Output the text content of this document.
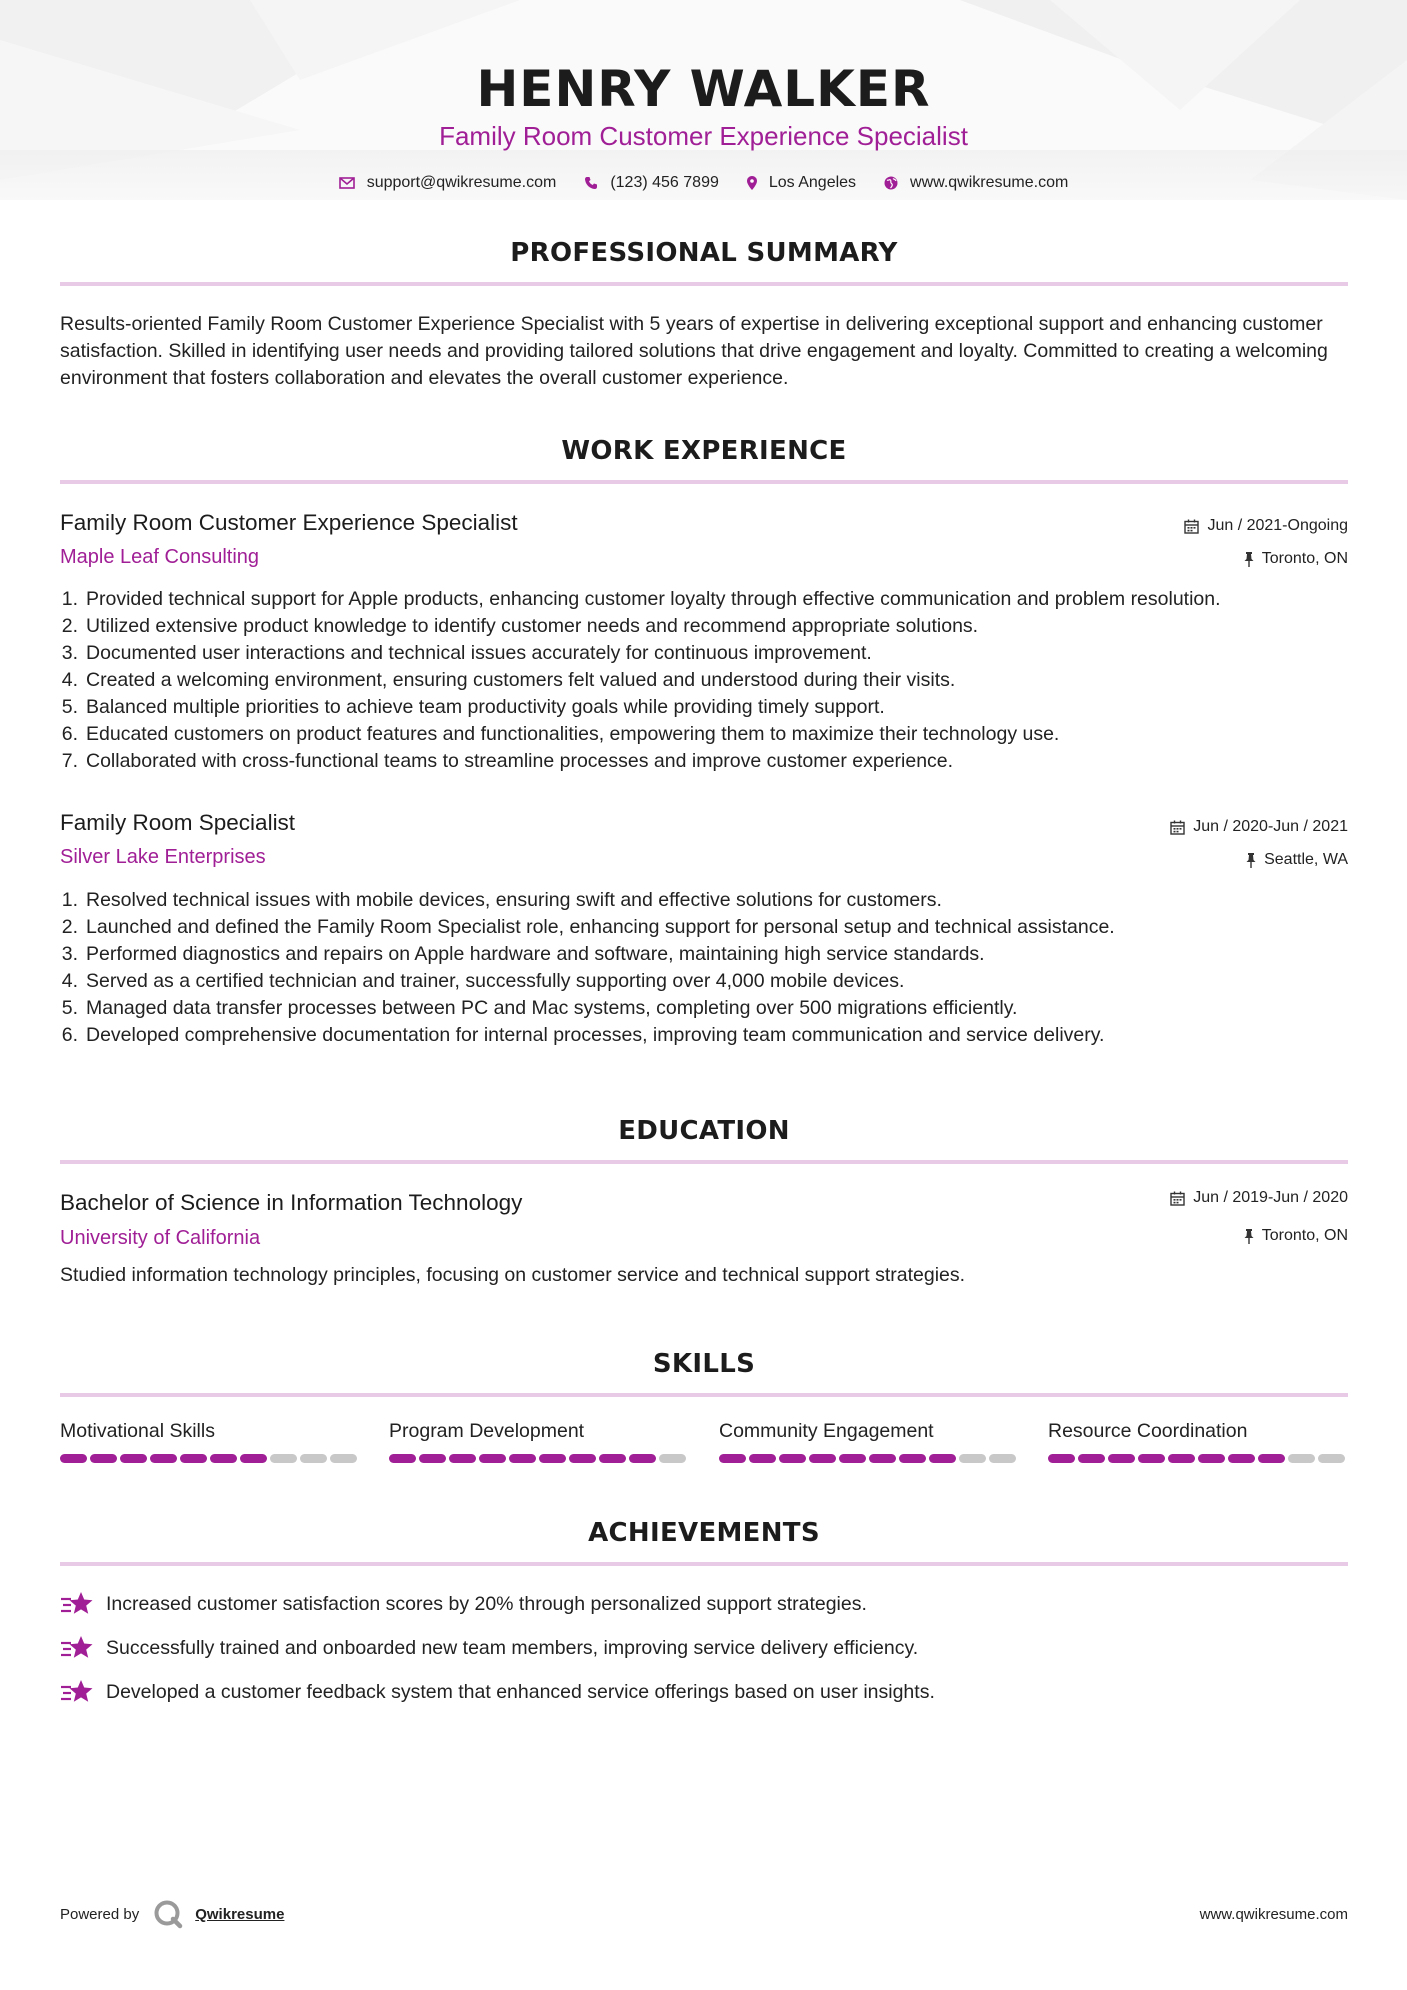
HENRY WALKER
Family Room Customer Experience Specialist
support@qwikresume.com	(123) 456 7899	Los Angeles	www.qwikresume.com
PROFESSIONAL SUMMARY
Results-oriented Family Room Customer Experience Specialist with 5 years of expertise in delivering exceptional support and enhancing customer satisfaction. Skilled in identifying user needs and providing tailored solutions that drive engagement and loyalty. Committed to creating a welcoming environment that fosters collaboration and elevates the overall customer experience.
WORK EXPERIENCE
Family Room Customer Experience Specialist
Maple Leaf Consulting
Jun / 2021-Ongoing
Toronto, ON
1. Provided technical support for Apple products, enhancing customer loyalty through effective communication and problem resolution.
2. Utilized extensive product knowledge to identify customer needs and recommend appropriate solutions.
3. Documented user interactions and technical issues accurately for continuous improvement.
4. Created a welcoming environment, ensuring customers felt valued and understood during their visits.
5. Balanced multiple priorities to achieve team productivity goals while providing timely support.
6. Educated customers on product features and functionalities, empowering them to maximize their technology use.
7. Collaborated with cross-functional teams to streamline processes and improve customer experience.
Family Room Specialist
Silver Lake Enterprises
Jun / 2020-Jun / 2021
Seattle, WA
1. Resolved technical issues with mobile devices, ensuring swift and effective solutions for customers.
2. Launched and defined the Family Room Specialist role, enhancing support for personal setup and technical assistance.
3. Performed diagnostics and repairs on Apple hardware and software, maintaining high service standards.
4. Served as a certified technician and trainer, successfully supporting over 4,000 mobile devices.
5. Managed data transfer processes between PC and Mac systems, completing over 500 migrations efficiently.
6. Developed comprehensive documentation for internal processes, improving team communication and service delivery.
EDUCATION
Bachelor of Science in Information Technology
University of California
Jun / 2019-Jun / 2020
Toronto, ON
Studied information technology principles, focusing on customer service and technical support strategies.
SKILLS
Motivational Skills	Program Development	Community Engagement	Resource Coordination
ACHIEVEMENTS
Increased customer satisfaction scores by 20% through personalized support strategies.
Successfully trained and onboarded new team members, improving service delivery efficiency.
Developed a customer feedback system that enhanced service offerings based on user insights.
Powered by	Qwikresume	www.qwikresume.com
